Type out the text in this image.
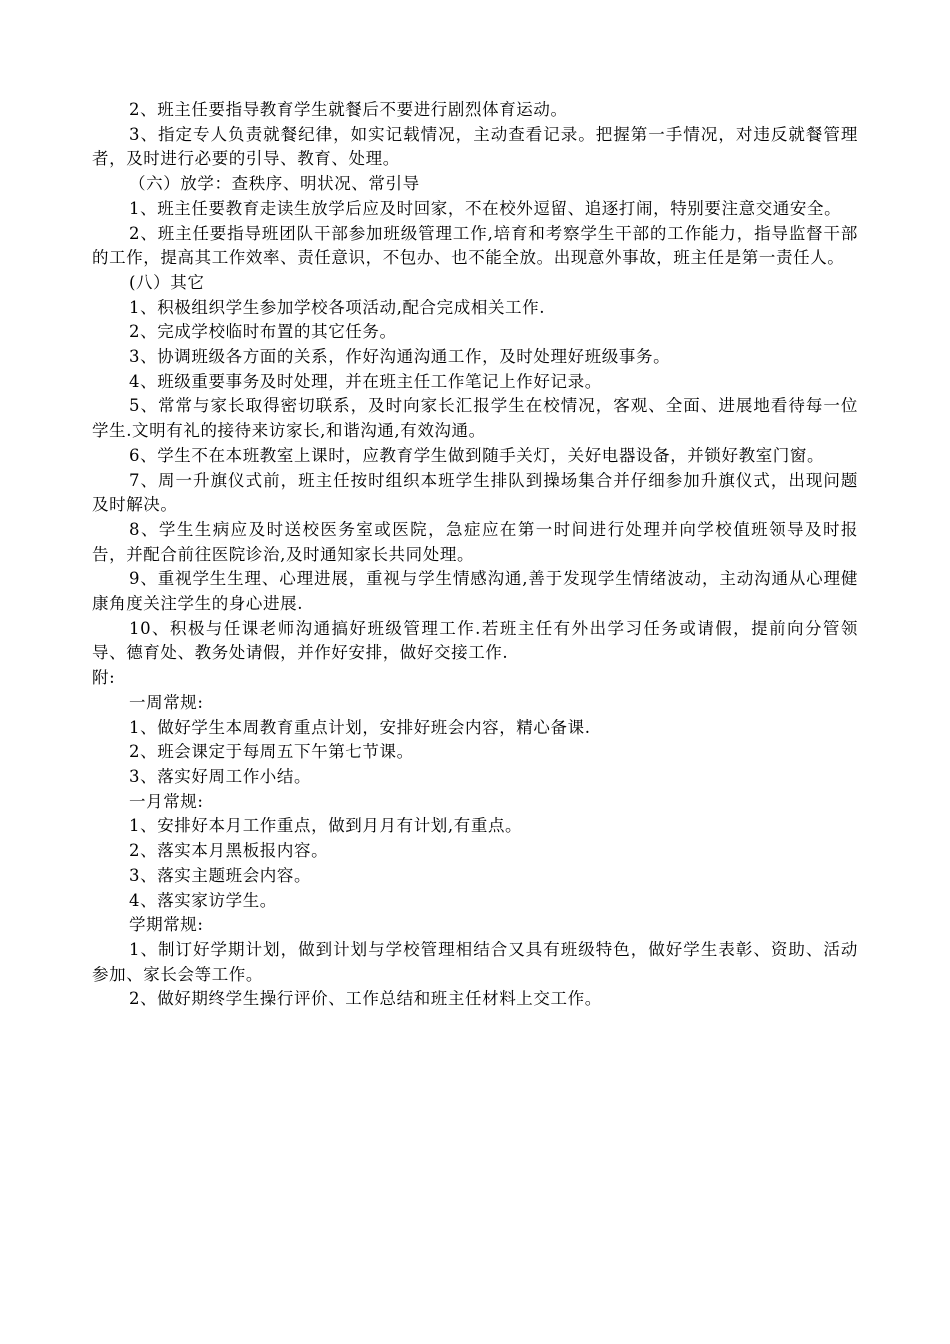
2、班主任要指导教育学生就餐后不要进行剧烈体育运动。

3、指定专人负责就餐纪律，如实记载情况，主动查看记录。把握第一手情况，对违反就餐管理者，及时进行必要的引导、教育、处理。

（六）放学：查秩序、明状况、常引导

1、班主任要教育走读生放学后应及时回家，不在校外逗留、追逐打闹，特别要注意交通安全。

2、班主任要指导班团队干部参加班级管理工作,培育和考察学生干部的工作能力，指导监督干部的工作，提高其工作效率、责任意识，不包办、也不能全放。出现意外事故，班主任是第一责任人。

(八）其它

1、积极组织学生参加学校各项活动,配合完成相关工作.

2、完成学校临时布置的其它任务。

3、协调班级各方面的关系，作好沟通沟通工作，及时处理好班级事务。

4、班级重要事务及时处理，并在班主任工作笔记上作好记录。

5、常常与家长取得密切联系，及时向家长汇报学生在校情况，客观、全面、进展地看待每一位学生.文明有礼的接待来访家长,和谐沟通,有效沟通。

6、学生不在本班教室上课时，应教育学生做到随手关灯，关好电器设备，并锁好教室门窗。

7、周一升旗仪式前，班主任按时组织本班学生排队到操场集合并仔细参加升旗仪式，出现问题及时解决。

8、学生生病应及时送校医务室或医院，急症应在第一时间进行处理并向学校值班领导及时报告，并配合前往医院诊治,及时通知家长共同处理。

9、重视学生生理、心理进展，重视与学生情感沟通,善于发现学生情绪波动，主动沟通从心理健康角度关注学生的身心进展.

10、积极与任课老师沟通搞好班级管理工作.若班主任有外出学习任务或请假，提前向分管领导、德育处、教务处请假，并作好安排，做好交接工作.

附:

一周常规:

1、做好学生本周教育重点计划，安排好班会内容，精心备课.

2、班会课定于每周五下午第七节课。

3、落实好周工作小结。

一月常规:

1、安排好本月工作重点，做到月月有计划,有重点。

2、落实本月黑板报内容。

3、落实主题班会内容。

4、落实家访学生。

学期常规:

1、制订好学期计划，做到计划与学校管理相结合又具有班级特色，做好学生表彰、资助、活动参加、家长会等工作。

2、做好期终学生操行评价、工作总结和班主任材料上交工作。
